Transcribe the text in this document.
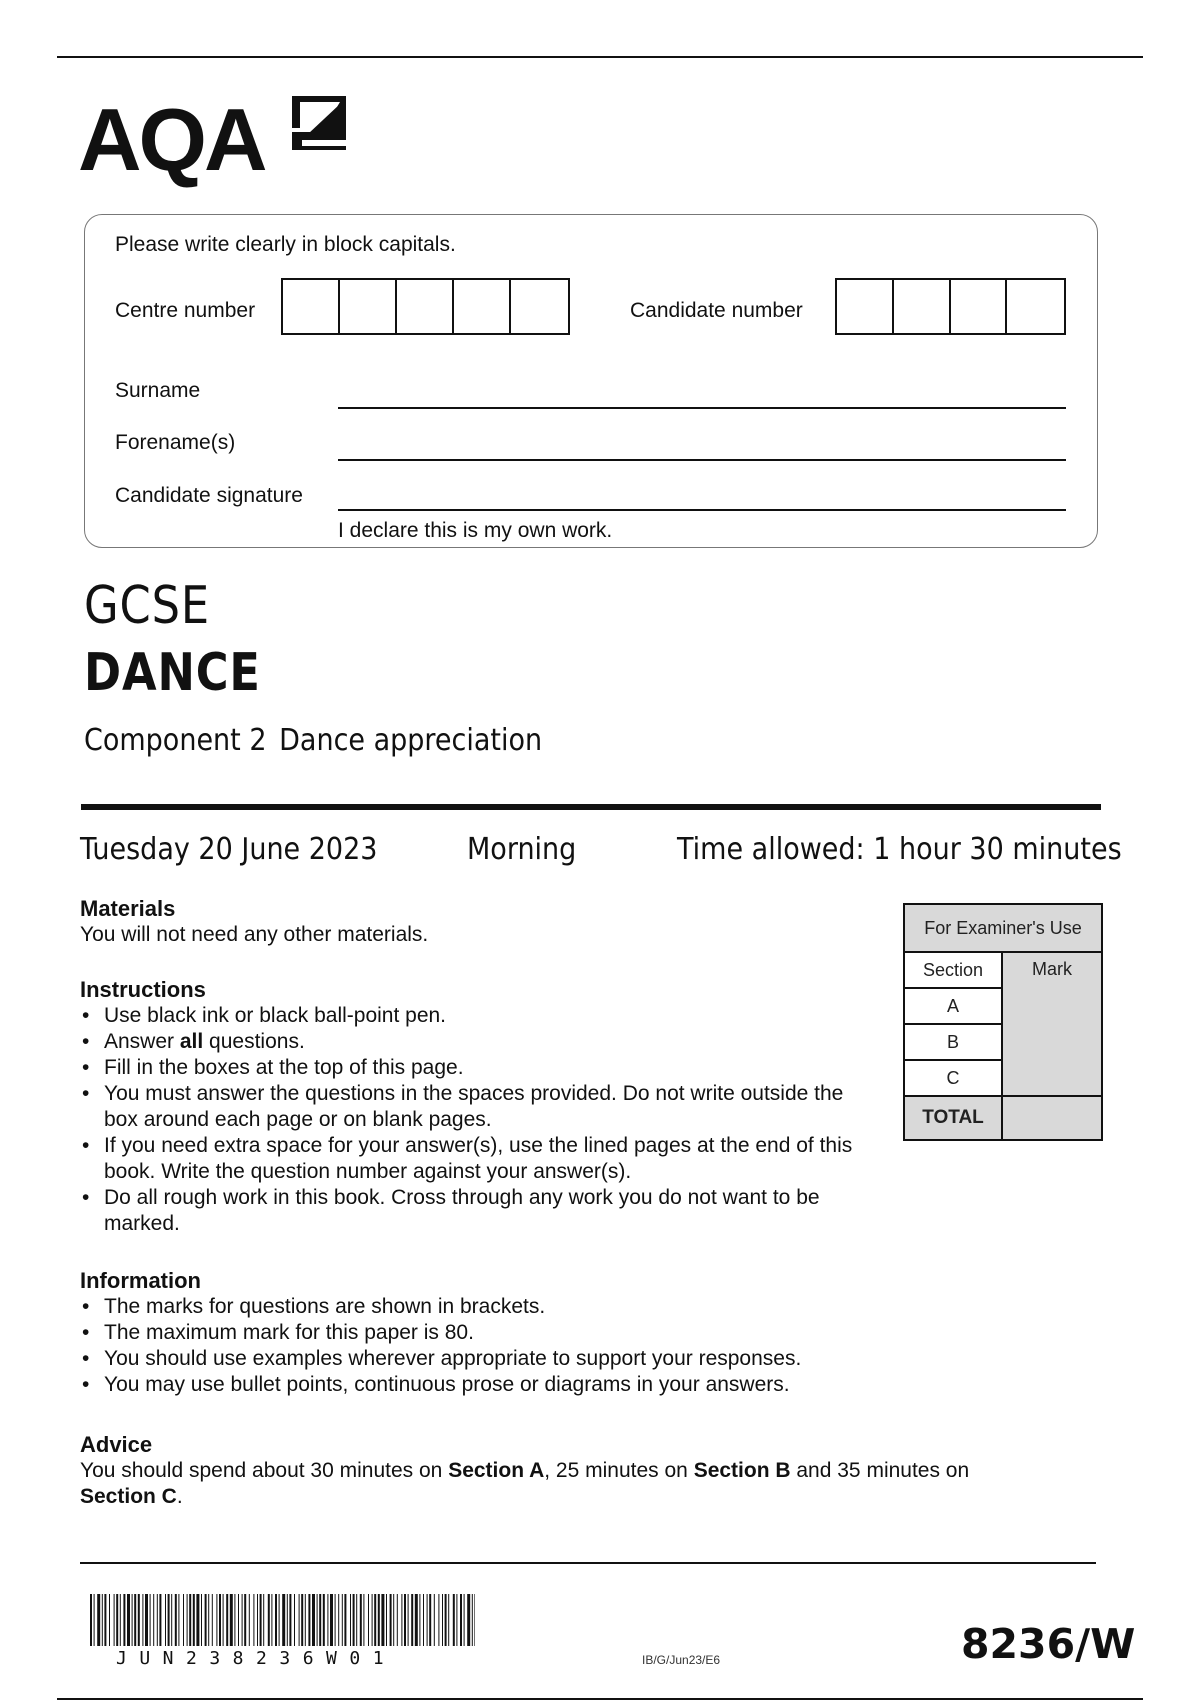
AQA
Please write clearly in block capitals.
Centre number	Candidate number
Surname
Forename(s)
Candidate signature
I declare this is my own work.
GCSE
DANCE
Component 2 Dance appreciation
Tuesday 20 June 2023	Morning	Time allowed: 1 hour 30 minutes
Materials
You will not need any other materials.
Instructions
• Use black ink or black ball-point pen.
• Answer all questions.
• Fill in the boxes at the top of this page.
• You must answer the questions in the spaces provided. Do not write outside the box around each page or on blank pages.
• If you need extra space for your answer(s), use the lined pages at the end of this book. Write the question number against your answer(s).
• Do all rough work in this book. Cross through any work you do not want to be marked.
Information
• The marks for questions are shown in brackets.
• The maximum mark for this paper is 80.
• You should use examples wherever appropriate to support your responses.
• You may use bullet points, continuous prose or diagrams in your answers.
Advice
You should spend about 30 minutes on Section A, 25 minutes on Section B and 35 minutes on Section C.
For Examiner's Use	
Section	Mark
A	
B	
C	
TOTAL	
JUN238236W01	IB/G/Jun23/E6	8236/W
